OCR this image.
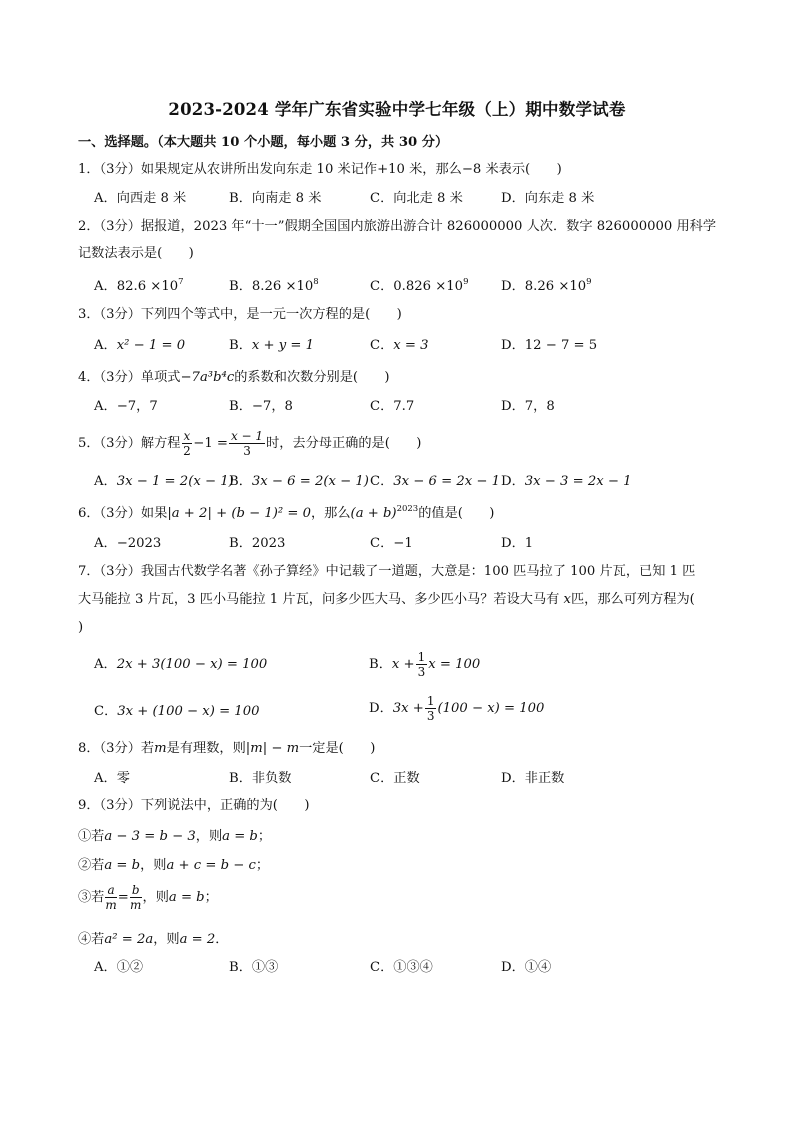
2023-2024 学年广东省实验中学七年级（上）期中数学试卷
一、选择题。（本大题共 10 个小题，每小题 3 分，共 30 分）
1．（3分）如果规定从农讲所出发向东走 10 米记作+10 米，那么−8 米表示(　　)
A．向西走 8 米	B．向南走 8 米	C．向北走 8 米	D．向东走 8 米
2．（3分）据报道，2023 年“十一”假期全国国内旅游出游合计 826000000 人次．数字 826000000 用科学
记数法表示是(　　)
A．$82.6 \times 10^7$	B．$8.26 \times 10^8$	C．$0.826 \times 10^9$ D．$8.26 \times 10^9$
3．（3分）下列四个等式中，是一元一次方程的是(　　)
A．x² − 1 = 0	B．x + y = 1	C．x = 3	D．12 − 7 = 5
4．（3分）单项式−7a³b⁴c的系数和次数分别是(　　)
A．−7，7	B．−7，8	C．7.7	D．7，8
5．（3分）解方程 $\frac{x}{2} -1 = \frac{x - 1}{3}$ 时，去分母正确的是(　　)
A．3x − 1 = 2(x − 1)
B．3x − 6 = 2(x − 1) C．3x − 6 = 2x − 1 D．3x − 3 = 2x − 1
6．（3分）如果|a + 2| + (b − 1)² = 0，那么$(a + b)^{2023}$的值是(　　)
A．−2023	B．2023	C．−1	D．1
7．（3分）我国古代数学名著《孙子算经》中记载了一道题，大意是：100 匹马拉了 100 片瓦，已知 1 匹
大马能拉 3 片瓦，3 匹小马能拉 1 片瓦，问多少匹大马、多少匹小马？若设大马有 x匹，那么可列方程为(
)
A．2x + 3(100 − x) = 100	B．$x + \frac{1}{3}$ x = 100
C．3x + (100 − x) = 100	D．$3x + \frac{1}{3} (100 - x) = 100$
8．（3分）若m是有理数，则|m| − m一定是(　　)
A．零	B．非负数	C．正数	D．非正数
9．（3分）下列说法中，正确的为(　　)
①若a − 3 = b − 3，则a = b；
②若a = b，则a + c = b − c；
③若 $\frac{a}{m} = \frac{b}{m}$ ，则a = b；
④若a² = 2a，则a = 2．
A．①②	B．①③	C．①③④	D．①④
